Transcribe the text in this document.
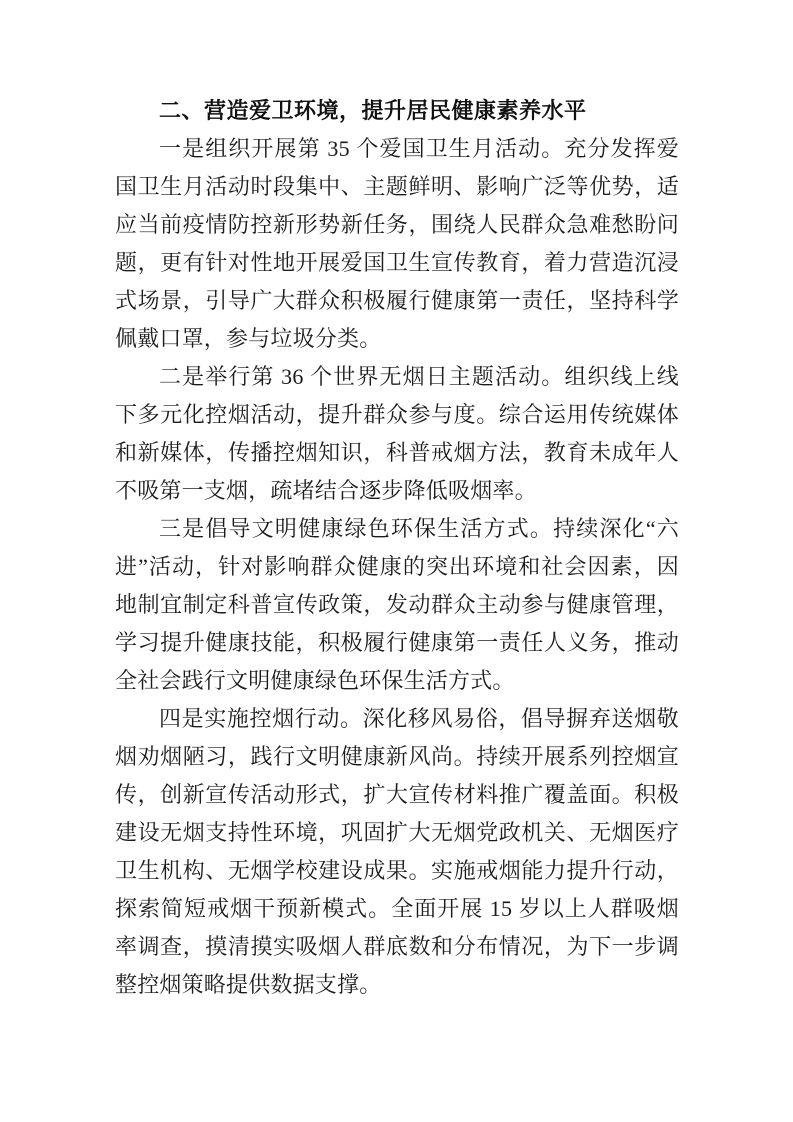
二、营造爱卫环境，提升居民健康素养水平

一是组织开展第 35 个爱国卫生月活动。充分发挥爱国卫生月活动时段集中、主题鲜明、影响广泛等优势，适应当前疫情防控新形势新任务，围绕人民群众急难愁盼问题，更有针对性地开展爱国卫生宣传教育，着力营造沉浸式场景，引导广大群众积极履行健康第一责任，坚持科学佩戴口罩，参与垃圾分类。

二是举行第 36 个世界无烟日主题活动。组织线上线下多元化控烟活动，提升群众参与度。综合运用传统媒体和新媒体，传播控烟知识，科普戒烟方法，教育未成年人不吸第一支烟，疏堵结合逐步降低吸烟率。

三是倡导文明健康绿色环保生活方式。持续深化“六进”活动，针对影响群众健康的突出环境和社会因素，因地制宜制定科普宣传政策，发动群众主动参与健康管理，学习提升健康技能，积极履行健康第一责任人义务，推动全社会践行文明健康绿色环保生活方式。

四是实施控烟行动。深化移风易俗，倡导摒弃送烟敬烟劝烟陋习，践行文明健康新风尚。持续开展系列控烟宣传，创新宣传活动形式，扩大宣传材料推广覆盖面。积极建设无烟支持性环境，巩固扩大无烟党政机关、无烟医疗卫生机构、无烟学校建设成果。实施戒烟能力提升行动，探索简短戒烟干预新模式。全面开展 15 岁以上人群吸烟率调查，摸清摸实吸烟人群底数和分布情况，为下一步调整控烟策略提供数据支撑。
